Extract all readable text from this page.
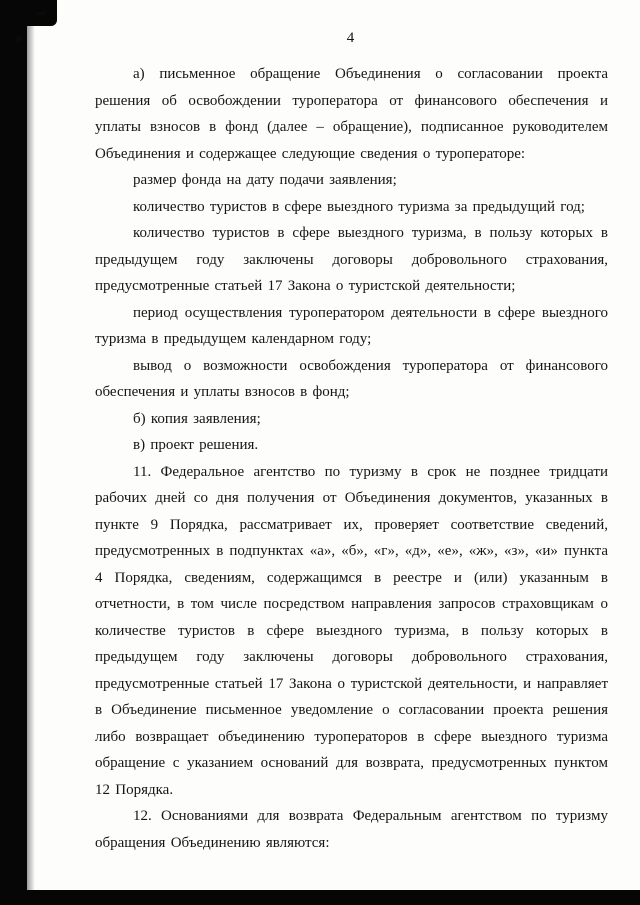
4

а) письменное обращение Объединения о согласовании проекта решения об освобождении туроператора от финансового обеспечения и уплаты взносов в фонд (далее – обращение), подписанное руководителем Объединения и содержащее следующие сведения о туроператоре:

размер фонда на дату подачи заявления;

количество туристов в сфере выездного туризма за предыдущий год;

количество туристов в сфере выездного туризма, в пользу которых в предыдущем году заключены договоры добровольного страхования, предусмотренные статьей 17 Закона о туристской деятельности;

период осуществления туроператором деятельности в сфере выездного туризма в предыдущем календарном году;

вывод о возможности освобождения туроператора от финансового обеспечения и уплаты взносов в фонд;

б) копия заявления;

в) проект решения.

11. Федеральное агентство по туризму в срок не позднее тридцати рабочих дней со дня получения от Объединения документов, указанных в пункте 9 Порядка, рассматривает их, проверяет соответствие сведений, предусмотренных в подпунктах «а», «б», «г», «д», «е», «ж», «з», «и» пункта 4 Порядка, сведениям, содержащимся в реестре и (или) указанным в отчетности, в том числе посредством направления запросов страховщикам о количестве туристов в сфере выездного туризма, в пользу которых в предыдущем году заключены договоры добровольного страхования, предусмотренные статьей 17 Закона о туристской деятельности, и направляет в Объединение письменное уведомление о согласовании проекта решения либо возвращает объединению туроператоров в сфере выездного туризма обращение с указанием оснований для возврата, предусмотренных пунктом 12 Порядка.

12. Основаниями для возврата Федеральным агентством по туризму обращения Объединению являются:
